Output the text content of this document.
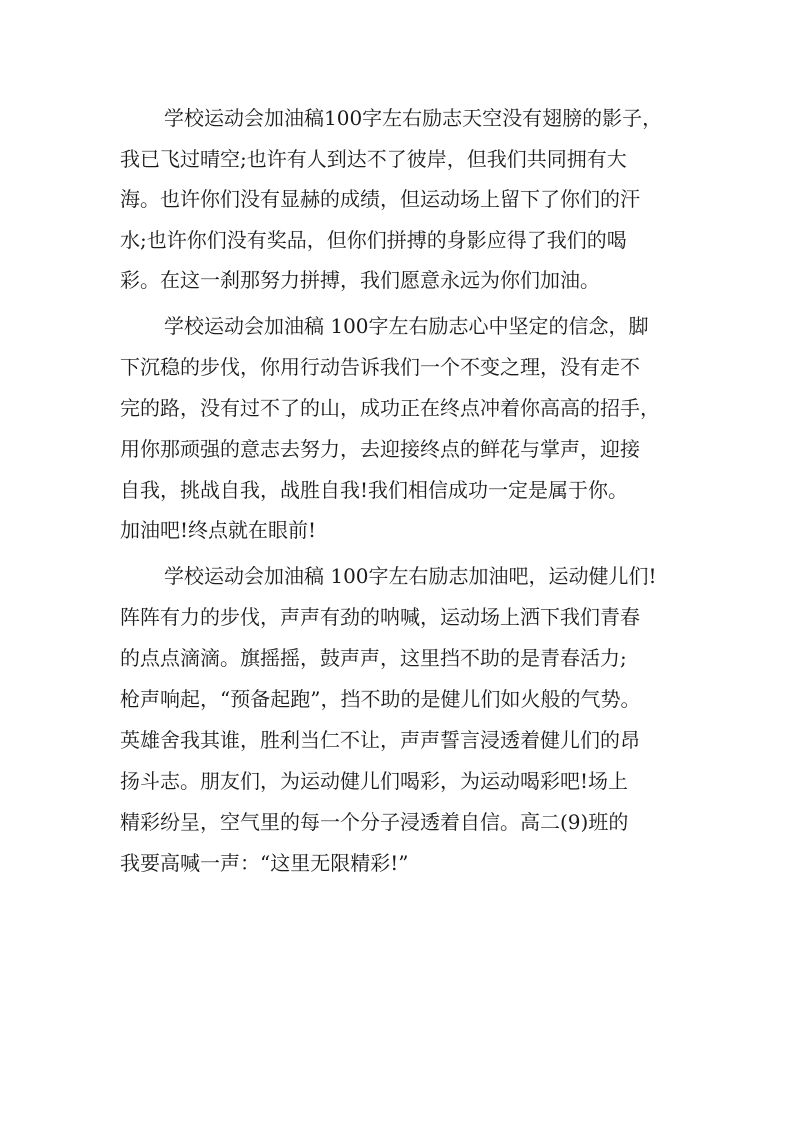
学校运动会加油稿100字左右励志天空没有翅膀的影子，
我已飞过晴空;也许有人到达不了彼岸，但我们共同拥有大
海。也许你们没有显赫的成绩，但运动场上留下了你们的汗
水;也许你们没有奖品，但你们拼搏的身影应得了我们的喝
彩。在这一刹那努力拼搏，我们愿意永远为你们加油。
学校运动会加油稿 100字左右励志心中坚定的信念，脚
下沉稳的步伐，你用行动告诉我们一个不变之理，没有走不
完的路，没有过不了的山，成功正在终点冲着你高高的招手，
用你那顽强的意志去努力，去迎接终点的鲜花与掌声，迎接
自我，挑战自我，战胜自我!我们相信成功一定是属于你。
加油吧!终点就在眼前!
学校运动会加油稿 100字左右励志加油吧，运动健儿们!
阵阵有力的步伐，声声有劲的呐喊，运动场上洒下我们青春
的点点滴滴。旗摇摇，鼓声声，这里挡不助的是青春活力;
枪声响起，“预备起跑”，挡不助的是健儿们如火般的气势。
英雄舍我其谁，胜利当仁不让，声声誓言浸透着健儿们的昂
扬斗志。朋友们，为运动健儿们喝彩，为运动喝彩吧!场上
精彩纷呈，空气里的每一个分子浸透着自信。高二(9)班的
我要高喊一声：“这里无限精彩!”
